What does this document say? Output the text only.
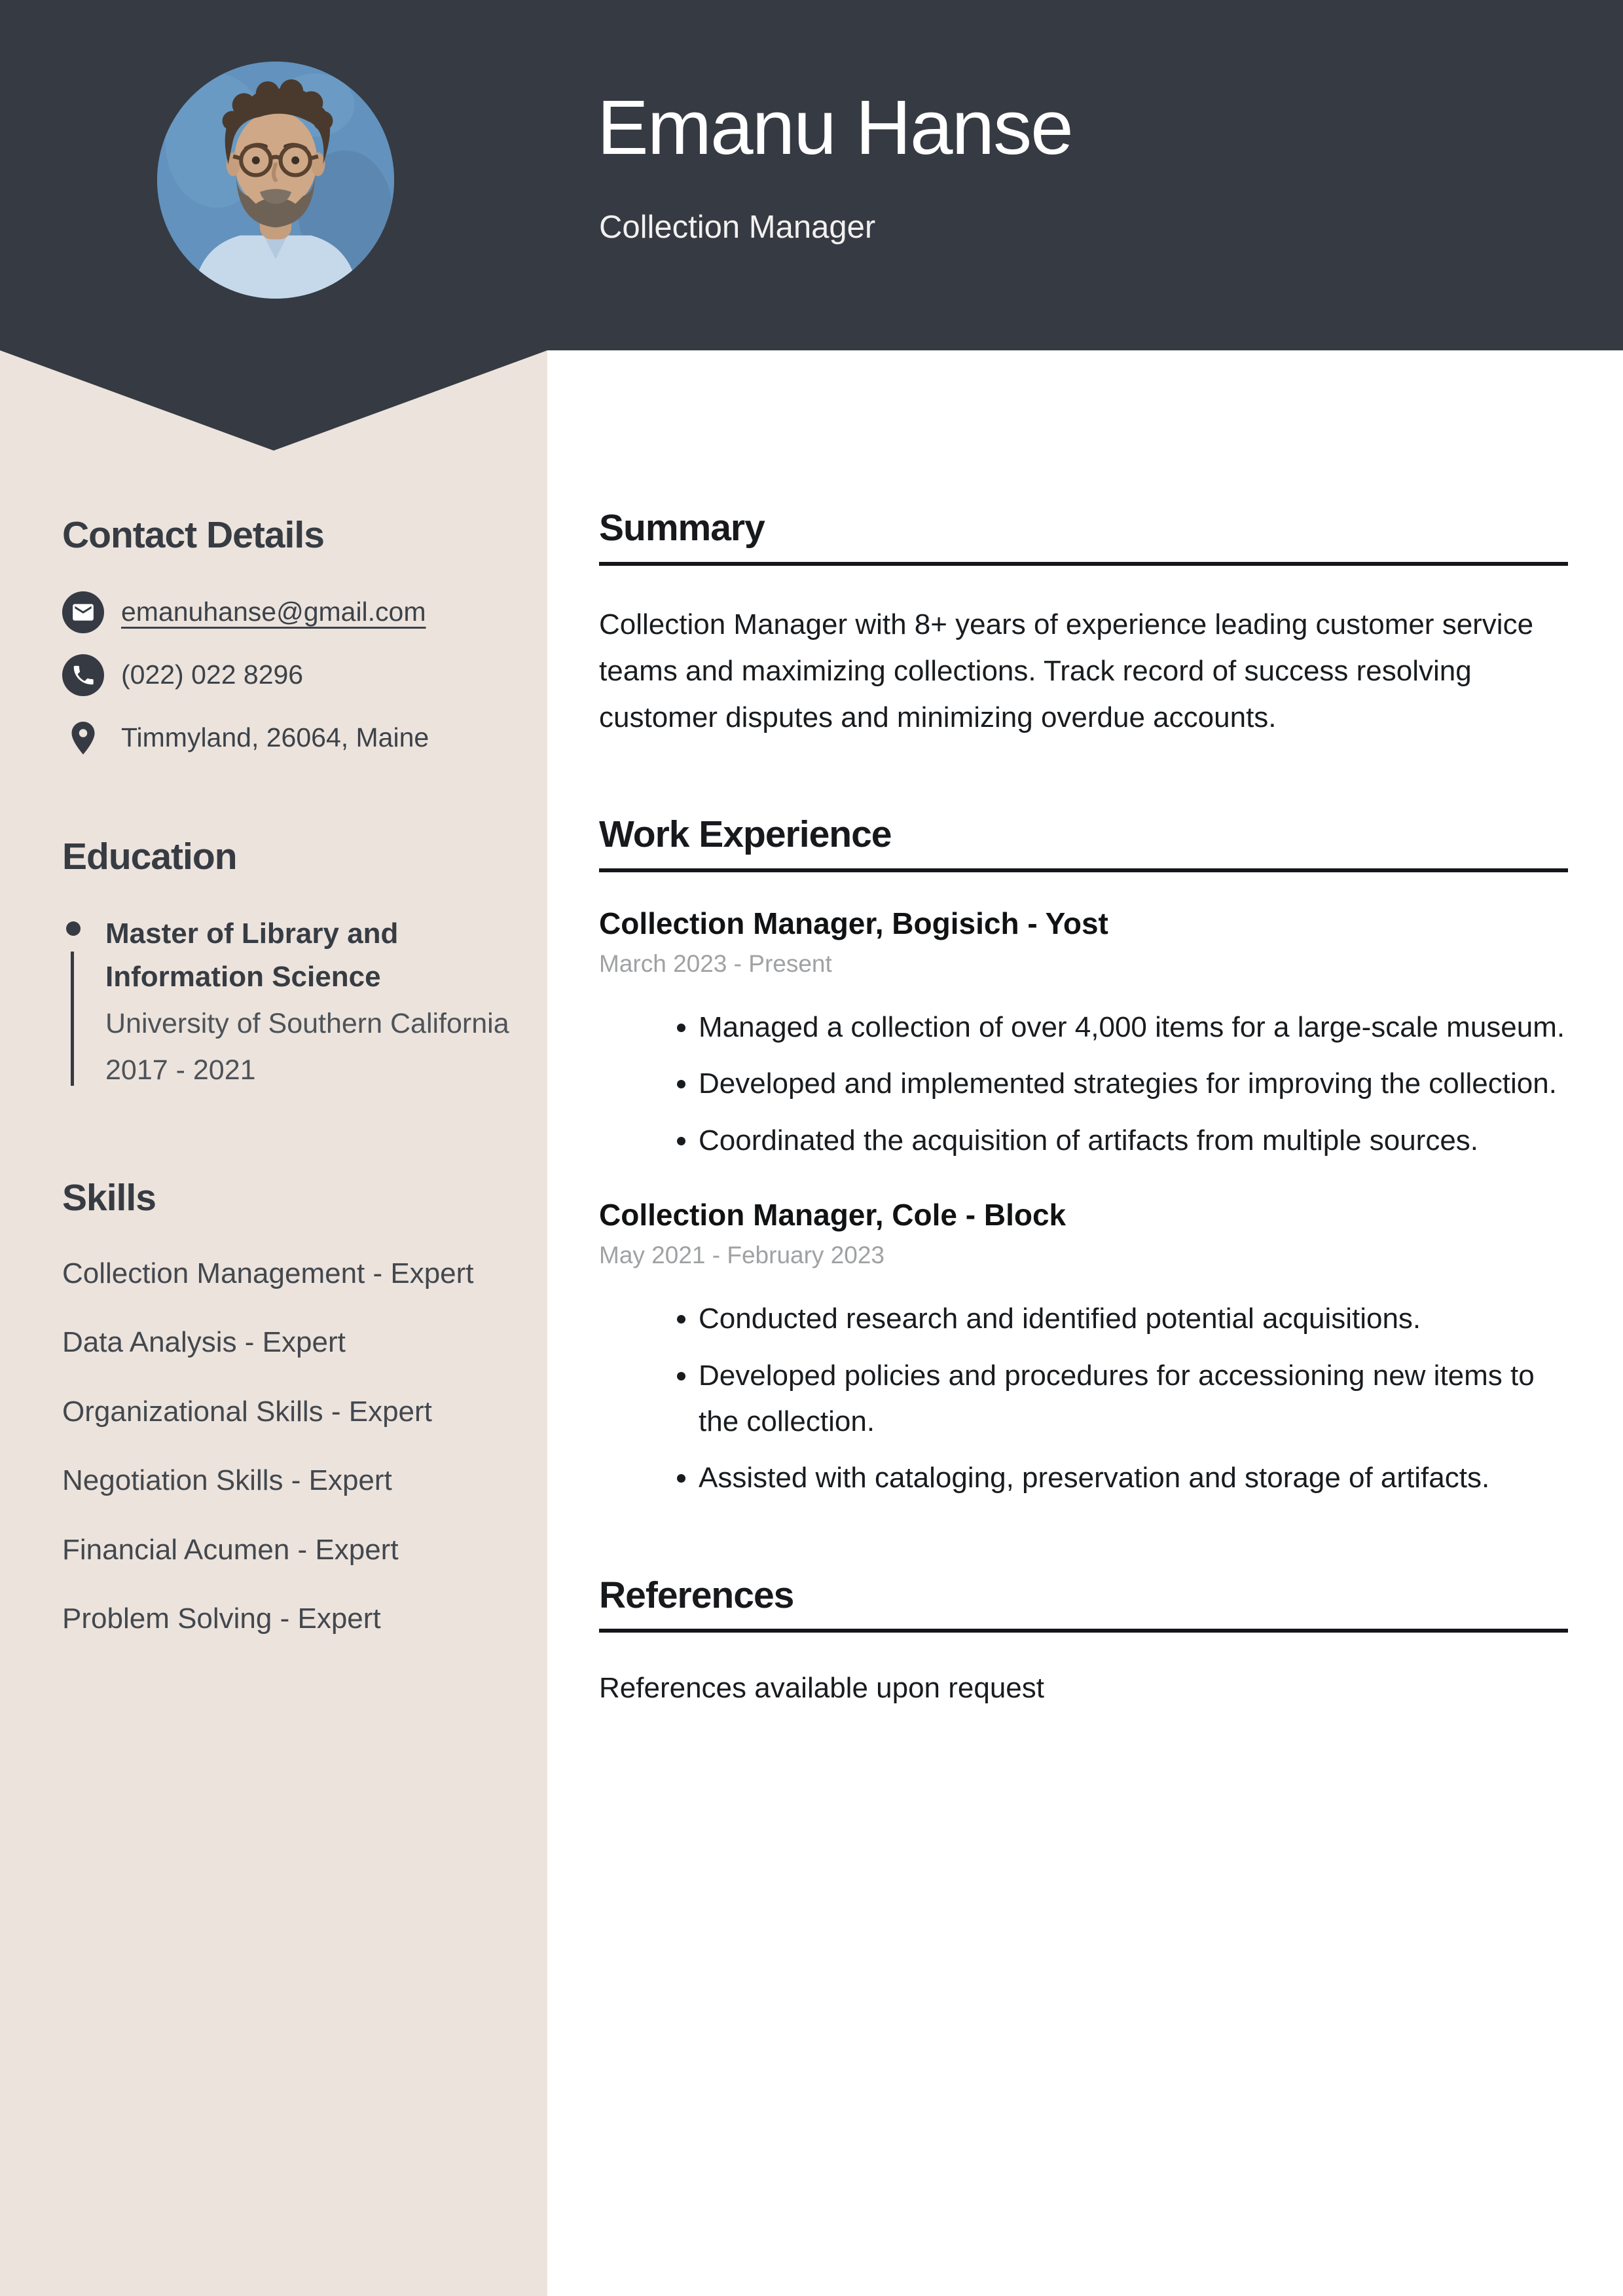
Emanu Hanse
Collection Manager
Contact Details
emanuhanse@gmail.com
(022) 022 8296
Timmyland, 26064, Maine
Education
Master of Library and Information Science
University of Southern California
2017 - 2021
Skills
Collection Management - Expert
Data Analysis - Expert
Organizational Skills - Expert
Negotiation Skills - Expert
Financial Acumen - Expert
Problem Solving - Expert
Summary

Collection Manager with 8+ years of experience leading customer service teams and maximizing collections. Track record of success resolving customer disputes and minimizing overdue accounts.

Work Experience
Collection Manager, Bogisich - Yost
March 2023 - Present
• Managed a collection of over 4,000 items for a large-scale museum.
• Developed and implemented strategies for improving the collection.
• Coordinated the acquisition of artifacts from multiple sources.
Collection Manager, Cole - Block
May 2021 - February 2023
• Conducted research and identified potential acquisitions.
• Developed policies and procedures for accessioning new items to the collection.
• Assisted with cataloging, preservation and storage of artifacts.
References

References available upon request
